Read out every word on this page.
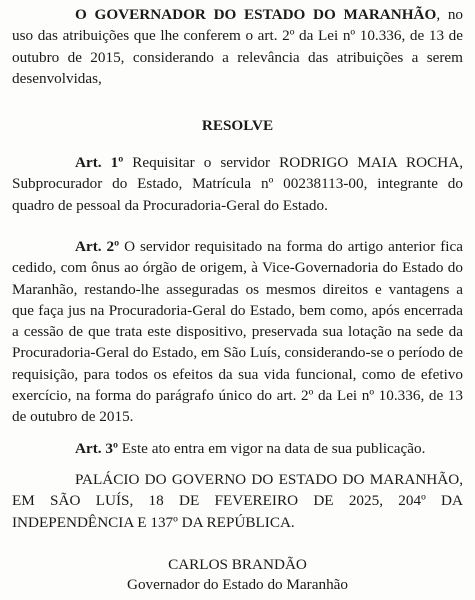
O GOVERNADOR DO ESTADO DO MARANHÃO, no uso das atribuições que lhe conferem o art. 2º da Lei nº 10.336, de 13 de outubro de 2015, considerando a relevância das atribuições a serem desenvolvidas,

RESOLVE

Art. 1º Requisitar o servidor RODRIGO MAIA ROCHA, Subprocurador do Estado, Matrícula nº 00238113-00, integrante do quadro de pessoal da Procuradoria-Geral do Estado.

Art. 2º O servidor requisitado na forma do artigo anterior fica cedido, com ônus ao órgão de origem, à Vice-Governadoria do Estado do Maranhão, restando-lhe asseguradas os mesmos direitos e vantagens a que faça jus na Procuradoria-Geral do Estado, bem como, após encerrada a cessão de que trata este dispositivo, preservada sua lotação na sede da Procuradoria-Geral do Estado, em São Luís, considerando-se o período de requisição, para todos os efeitos da sua vida funcional, como de efetivo exercício, na forma do parágrafo único do art. 2º da Lei nº 10.336, de 13 de outubro de 2015.

Art. 3º Este ato entra em vigor na data de sua publicação.

PALÁCIO DO GOVERNO DO ESTADO DO MARANHÃO, EM SÃO LUÍS, 18 DE FEVEREIRO DE 2025, 204º DA INDEPENDÊNCIA E 137º DA REPÚBLICA.

CARLOS BRANDÃO

Governador do Estado do Maranhão
